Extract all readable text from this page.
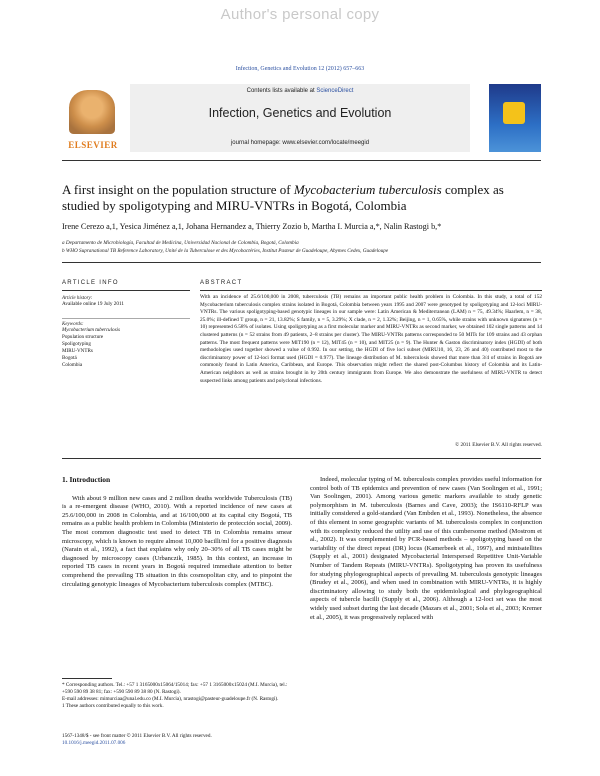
Author's personal copy
Infection, Genetics and Evolution 12 (2012) 657–663
ELSEVIER
Contents lists available at ScienceDirect
Infection, Genetics and Evolution
journal homepage: www.elsevier.com/locate/meegid
A first insight on the population structure of Mycobacterium tuberculosis complex as studied by spoligotyping and MIRU-VNTRs in Bogotá, Colombia
Irene Cerezo a,1, Yesica Jiménez a,1, Johana Hernandez a, Thierry Zozio b, Martha I. Murcia a,*, Nalin Rastogi b,*
a Departamento de Microbiología, Facultad de Medicina, Universidad Nacional de Colombia, Bogotá, Colombia
b WHO Supranational TB Reference Laboratory, Unité de la Tuberculose et des Mycobactéries, Institut Pasteur de Guadeloupe, Abymes Cedex, Guadeloupe
ARTICLE INFO	ABSTRACT
Article history:
Available online 19 July 2011
Keywords:
Mycobacterium tuberculosis
Population structure
Spoligotyping
MIRU-VNTRs
Bogotá
Colombia
With an incidence of 25.6/100,000 in 2008, tuberculosis (TB) remains an important public health problem in Colombia. In this study, a total of 152 Mycobacterium tuberculosis complex strains isolated in Bogotá, Colombia between years 1995 and 2007 were genotyped by spoligotyping and 12-loci MIRU-VNTRs. The various spoligotyping-based genotypic lineages in our sample were: Latin American & Mediterranean (LAM) n = 75, 49.34%; Haarlem, n = 38, 25.0%; ill-defined T group, n = 21, 13.82%; S family, n = 5, 3.29%; X clade, n = 2, 1.32%; Beijing, n = 1, 0.65%, while strains with unknown signatures (n = 10) represented 6.58% of isolates. Using spoligotyping as a first molecular marker and MIRU-VNTRs as second marker, we obtained 102 single patterns and 14 clustered patterns (n = 52 strains from 49 patients, 2–8 strains per cluster). The MIRU-VNTRs patterns corresponded to 50 MITs for 109 strains and 43 orphan patterns. The most frequent patterns were MIT190 (n = 12), MIT45 (n = 10), and MIT25 (n = 9). The Hunter & Gaston discriminatory index (HGDI) of both methodologies used together showed a value of 0.992. In our setting, the HGDI of five loci subset (MIRU10, 16, 23, 26 and 40) contributed most to the discriminatory power of 12-loci format used (HGDI = 0.977). The lineage distribution of M. tuberculosis showed that more than 3/4 of strains in Bogotá are commonly found in Latin America, Caribbean, and Europe. This observation might reflect the shared post-Columbus history of Colombia and its Latin-American neighbors as well as strains brought in by 20th century immigrants from Europe. We also demonstrate the usefulness of MIRU-VNTR to detect suspected links among patients and polyclonal infections.
© 2011 Elsevier B.V. All rights reserved.
1. Introduction

With about 9 million new cases and 2 million deaths worldwide Tuberculosis (TB) is a re-emergent disease (WHO, 2010). With a reported incidence of new cases at 25.6/100,000 in 2008 in Colombia, and at 16/100,000 at its capital city Bogotá, TB remains as a public health problem in Colombia (Ministerio de protección social, 2009). The most common diagnostic test used to detect TB in Colombia remains smear microscopy, which is known to require almost 10,000 bacilli/ml for a positive diagnosis (Narain et al., 1992), a fact that explains why only 20–30% of all TB cases might be diagnosed by microscopy cases (Urbanczik, 1985). In this context, an increase in reported TB cases in recent years in Bogotá required immediate attention to better comprehend the prevailing TB situation in this cosmopolitan city, and to pinpoint the circulating genotypic lineages of Mycobacterium tuberculosis complex (MTBC).

Indeed, molecular typing of M. tuberculosis complex provides useful information for control both of TB epidemics and prevention of new cases (Van Soolingen et al., 1991; Van Soolingen, 2001). Among various genetic markers available to study genetic polymorphism in M. tuberculosis (Barnes and Cave, 2003); the IS6110-RFLP was initially considered a gold-standard (Van Embden et al., 1993). Nonetheless, the absence of this element in some geographic variants of M. tuberculosis complex in conjunction with its complexity reduced the utility and use of this cumbersome method (Mostrom et al., 2002). It was complemented by PCR-based methods – spoligotyping based on the variability of the direct repeat (DR) locus (Kamerbeek et al., 1997), and minisatellites (Supply et al., 2001) designated Mycobacterial Interspersed Repetitive Unit-Variable Number of Tandem Repeats (MIRU-VNTRs). Spoligotyping has proven its usefulness for studying phylogeographical aspects of prevailing M. tuberculosis genotypic lineages (Brudey et al., 2006), and when used in combination with MIRU-VNTRs, it is highly discriminatory allowing to study both the epidemiological and phylogeographical aspects of tubercle bacilli (Supply et al., 2006). Although a 12-loci set was the most widely used subset during the last decade (Mazars et al., 2001; Sola et al., 2003; Kremer et al., 2005), it was progressively replaced with

* Corresponding authors. Tel.: +57 1 3165000x15064/15014; fax: +57 1 3165000x15024 (M.I. Murcia), tel.: +590 590 89 38 81; fax: +590 590 89 38 80 (N. Rastogi).
E-mail addresses: mimurciaa@unal.edu.co (M.I. Murcia), nrastogi@pasteur-guadeloupe.fr (N. Rastogi).
1 These authors contributed equally to this work.
1567-1348/$ - see front matter © 2011 Elsevier B.V. All rights reserved.
10.1016/j.meegid.2011.07.006
